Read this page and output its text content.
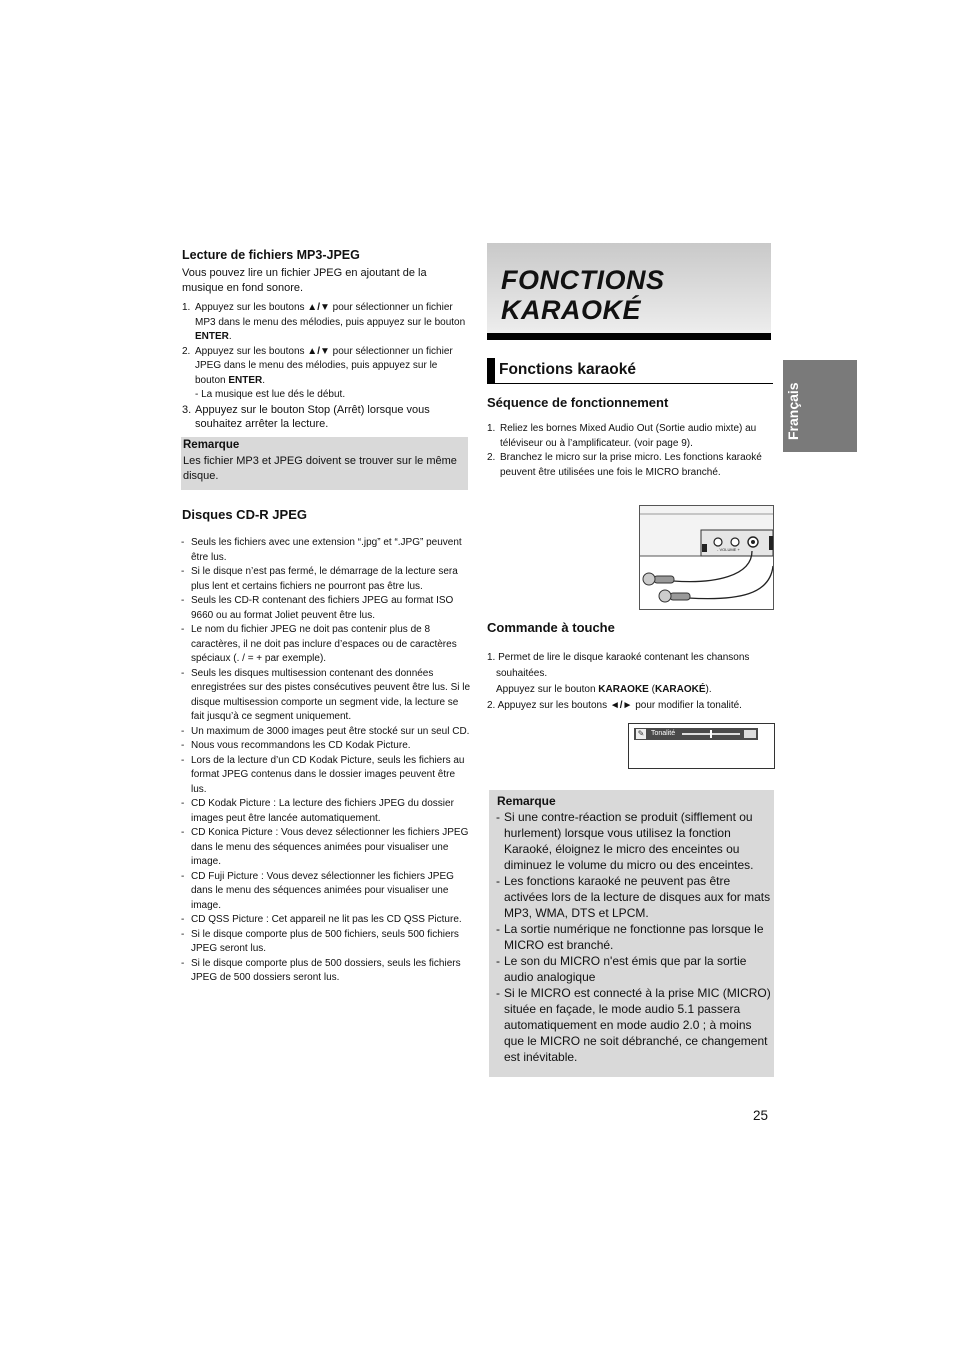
Lecture de fichiers MP3-JPEG
Vous pouvez lire un fichier JPEG en ajoutant de la musique en fond sonore.
1. Appuyez sur les boutons ▲/▼ pour sélectionner un fichier MP3 dans le menu des mélodies, puis appuyez sur le bouton ENTER.
2. Appuyez sur les boutons ▲/▼ pour sélectionner un fichier JPEG dans le menu des mélodies, puis appuyez sur le bouton ENTER.
- La musique est lue dés le début.
3. Appuyez sur le bouton Stop (Arrêt) lorsque vous souhaitez arrêter la lecture.
Remarque
Les fichier MP3 et JPEG doivent se trouver sur le même disque.
Disques CD-R JPEG
- Seuls les fichiers avec une extension “.jpg” et “.JPG” peuvent être lus.
- Si le disque n’est pas fermé, le démarrage de la lecture sera plus lent et certains fichiers ne pourront pas être lus.
- Seuls les CD-R contenant des fichiers JPEG au format ISO 9660 ou au format Joliet peuvent être lus.
- Le nom du fichier JPEG ne doit pas contenir plus de 8 caractères, il ne doit pas inclure d’espaces ou de caractères spéciaux (. / = + par exemple).
- Seuls les disques multisession contenant des données enregistrées sur des pistes consécutives peuvent être lus. Si le disque multisession comporte un segment vide, la lecture se fait jusqu’à ce segment uniquement.
- Un maximum de 3000 images peut être stocké sur un seul CD.
- Nous vous recommandons les CD Kodak Picture.
- Lors de la lecture d’un CD Kodak Picture, seuls les fichiers au format JPEG contenus dans le dossier images peuvent être lus.
- CD Kodak Picture : La lecture des fichiers JPEG du dossier images peut être lancée automatiquement.
- CD Konica Picture : Vous devez sélectionner les fichiers JPEG dans le menu des séquences animées pour visualiser une image.
- CD Fuji Picture : Vous devez sélectionner les fichiers JPEG dans le menu des séquences animées pour visualiser une image.
- CD QSS Picture : Cet appareil ne lit pas les CD QSS Picture.
- Si le disque comporte plus de 500 fichiers, seuls 500 fichiers JPEG seront lus.
- Si le disque comporte plus de 500 dossiers, seuls les fichiers JPEG de 500 dossiers seront lus.
FONCTIONS
KARAOKÉ
Fonctions karaoké
Séquence de fonctionnement
1. Reliez les bornes Mixed Audio Out (Sortie audio mixte) au téléviseur ou à l’amplificateur. (voir page 9).
2. Branchez le micro sur la prise micro. Les fonctions karaoké peuvent être utilisées une fois le MICRO branché.
- VOLUME +
Commande à touche
1. Permet de lire le disque karaoké contenant les chansons souhaitées.
Appuyez sur le bouton KARAOKE (KARAOKÉ).
2. Appuyez sur les boutons ◄/► pour modifier la tonalité.
✎ Tonalité
Remarque
- Si une contre-réaction se produit (sifflement ou hurlement) lorsque vous utilisez la fonction Karaoké, éloignez le micro des enceintes ou diminuez le volume du micro ou des enceintes.
- Les fonctions karaoké ne peuvent pas être activées lors de la lecture de disques aux for mats MP3, WMA, DTS et LPCM.
- La sortie numérique ne fonctionne pas lorsque le MICRO est branché.
- Le son du MICRO n'est émis que par la sortie audio analogique
- Si le MICRO est connecté à la prise MIC (MICRO) située en façade, le mode audio 5.1 passera automatiquement en mode audio 2.0 ; à moins que le MICRO ne soit débranché, ce changement est inévitable.
Français
25
